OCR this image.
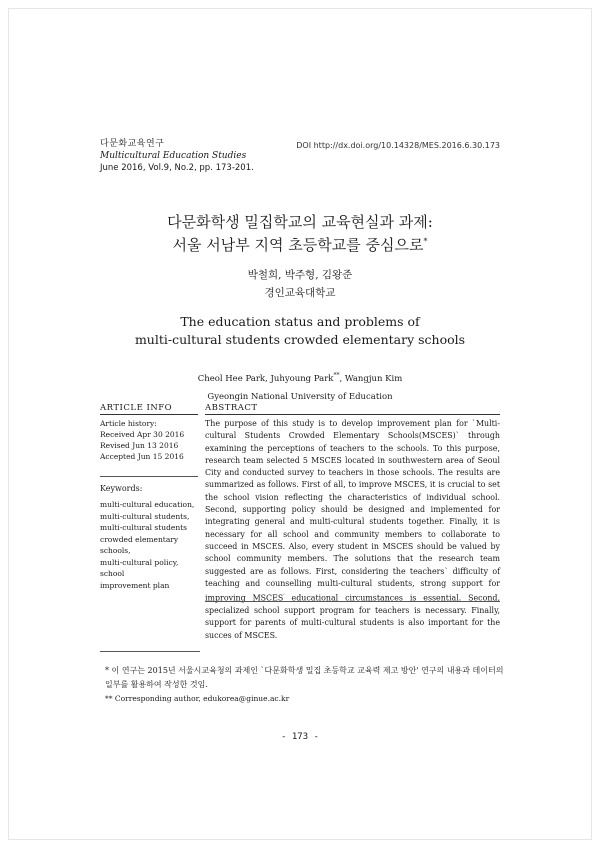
다문화교육연구
Multicultural Education Studies
June 2016, Vol.9, No.2, pp. 173-201.
DOI http://dx.doi.org/10.14328/MES.2016.6.30.173
다문화학생 밀집학교의 교육현실과 과제:
서울 서남부 지역 초등학교를 중심으로*
박철희, 박주형, 김왕준
경인교육대학교
The education status and problems of
multi-cultural students crowded elementary schools
Cheol Hee Park, Juhyoung Park**, Wangjun Kim
Gyeongin National University of Education
ARTICLE INFO	ABSTRACT
Article history:
Received Apr 30 2016
Revised Jun 13 2016
Accepted Jun 15 2016
Keywords:
multi-cultural education,
multi-cultural students,
multi-cultural students
crowded elementary schools,
multi-cultural policy, school
improvement plan
The purpose of this study is to develop improvement plan for `Multi-cultural Students Crowded Elementary Schools(MSCES)` through examining the perceptions of teachers to the schools. To this purpose, research team selected 5 MSCES located in southwestern area of Seoul City and conducted survey to teachers in those schools. The results are summarized as follows. First of all, to improve MSCES, it is crucial to set the school vision reflecting the characteristics of individual school. Second, supporting policy should be designed and implemented for integrating general and multi-cultural students together. Finally, it is necessary for all school and community members to collaborate to succeed in MSCES. Also, every student in MSCES should be valued by school community members. The solutions that the research team suggested are as follows. First, considering the teachers` difficulty of teaching and counselling multi-cultural students, strong support for improving MSCES' educational circumstances is essential. Second, specialized school support program for teachers is necessary. Finally, support for parents of multi-cultural students is also important for the succes of MSCES.
* 이 연구는 2015년 서울시교육청의 과제인 `다문화학생 밀집 초등학교 교육력 제고 방안' 연구의 내용과 데이터의 일부를 활용하여 작성한 것임.
** Corresponding author, edukorea@ginue.ac.kr
- 173 -
